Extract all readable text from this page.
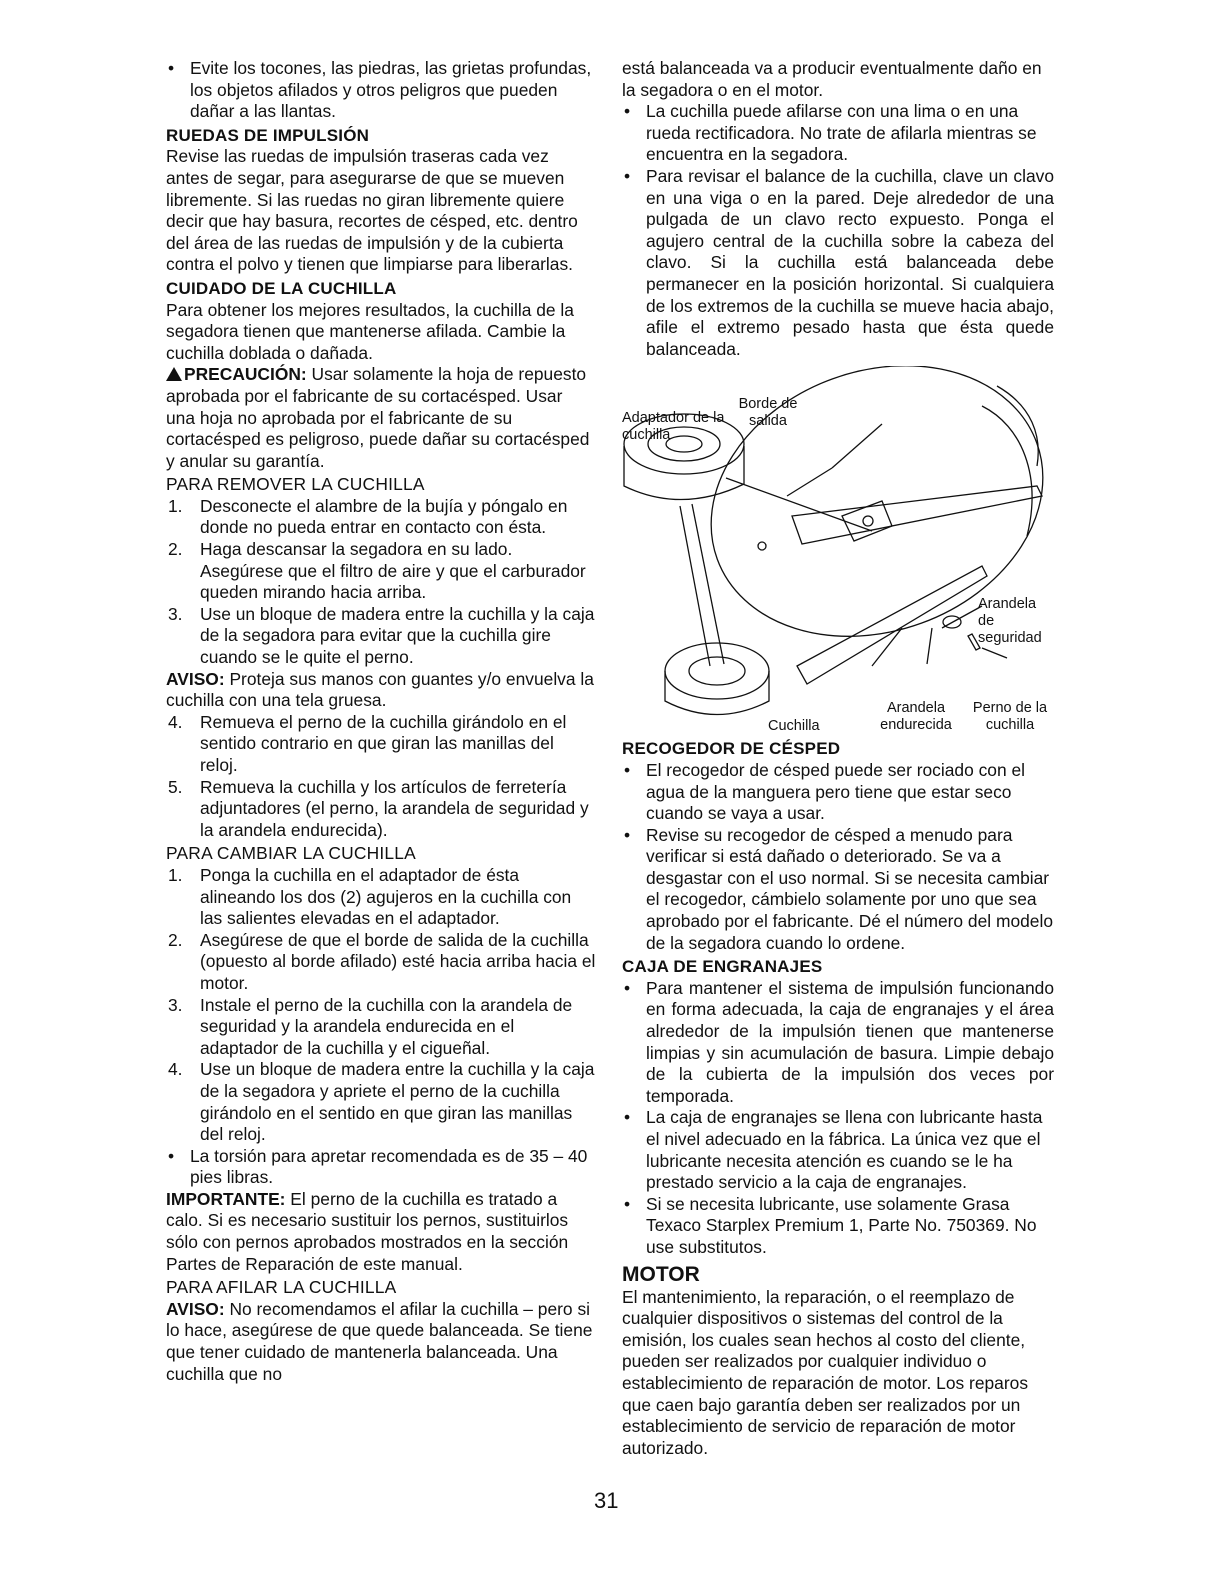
• Evite los tocones, las piedras, las grietas profundas, los objetos afilados y otros peligros que pueden dañar a las llantas.

RUEDAS DE IMPULSIÓN

Revise las ruedas de impulsión traseras cada vez antes de segar, para asegurarse de que se mueven libremente. Si las ruedas no giran libremente quiere decir que hay basura, recortes de césped, etc. dentro del área de las ruedas de impulsión y de la cubierta contra el polvo y tienen que limpiarse para liberarlas.

CUIDADO DE LA CUCHILLA

Para obtener los mejores resultados, la cuchilla de la segadora tienen que mantenerse afilada. Cambie la cuchilla doblada o dañada.

PRECAUCIÓN: Usar solamente la hoja de repuesto aprobada por el fabricante de su cortacésped. Usar una hoja no aprobada por el fabricante de su cortacésped es peligroso, puede dañar su cortacésped y anular su garantía.

PARA REMOVER LA CUCHILLA

1. Desconecte el alambre de la bujía y póngalo en donde no pueda entrar en contacto con ésta.

2. Haga descansar la segadora en su lado. Asegúrese que el filtro de aire y que el carburador queden mirando hacia arriba.

3. Use un bloque de madera entre la cuchilla y la caja de la segadora para evitar que la cuchilla gire cuando se le quite el perno.

AVISO: Proteja sus manos con guantes y/o envuelva la cuchilla con una tela gruesa.

4. Remueva el perno de la cuchilla girándolo en el sentido contrario en que giran las manillas del reloj.

5. Remueva la cuchilla y los artículos de ferretería adjuntadores (el perno, la arandela de seguridad y la arandela endurecida).

PARA CAMBIAR LA CUCHILLA

1. Ponga la cuchilla en el adaptador de ésta alineando los dos (2) agujeros en la cuchilla con las salientes elevadas en el adaptador.

2. Asegúrese de que el borde de salida de la cuchilla (opuesto al borde afilado) esté hacia arriba hacia el motor.

3. Instale el perno de la cuchilla con la arandela de seguridad y la arandela endurecida en el adaptador de la cuchilla y el cigueñal.

4. Use un bloque de madera entre la cuchilla y la caja de la segadora y apriete el perno de la cuchilla girándolo en el sentido en que giran las manillas del reloj.

• La torsión para apretar recomendada es de 35 – 40 pies libras.

IMPORTANTE: El perno de la cuchilla es tratado a calo. Si es necesario sustituir los pernos, sustituirlos sólo con pernos aprobados mostrados en la sección Partes de Reparación de este manual.

PARA AFILAR LA CUCHILLA

AVISO: No recomendamos el afilar la cuchilla – pero si lo hace, asegúrese de que quede balanceada. Se tiene que tener cuidado de mantenerla balanceada. Una cuchilla que no

está balanceada va a producir eventualmente daño en la segadora o en el motor.

• La cuchilla puede afilarse con una lima o en una rueda rectificadora. No trate de afilarla mientras se encuentra en la segadora.

• Para revisar el balance de la cuchilla, clave un clavo en una viga o en la pared. Deje alrededor de una pulgada de un clavo recto expuesto. Ponga el agujero central de la cuchilla sobre la cabeza del clavo. Si la cuchilla está balanceada debe permanecer en la posición horizontal. Si cualquiera de los extremos de la cuchilla se mueve hacia abajo, afile el extremo pesado hasta que ésta quede balanceada.

Adaptador de la cuchilla
Borde de salida
Arandela de seguridad
Arandela endurecida
Perno de la cuchilla
Cuchilla

RECOGEDOR DE CÉSPED

• El recogedor de césped puede ser rociado con el agua de la manguera pero tiene que estar seco cuando se vaya a usar.

• Revise su recogedor de césped a menudo para verificar si está dañado o deteriorado. Se va a desgastar con el uso normal. Si se necesita cambiar el recogedor, cámbielo solamente por uno que sea aprobado por el fabricante. Dé el número del modelo de la segadora cuando lo ordene.

CAJA DE ENGRANAJES

• Para mantener el sistema de impulsión funcionando en forma adecuada, la caja de engranajes y el área alrededor de la impulsión tienen que mantenerse limpias y sin acumulación de basura. Limpie debajo de la cubierta de la impulsión dos veces por temporada.

• La caja de engranajes se llena con lubricante hasta el nivel adecuado en la fábrica. La única vez que el lubricante necesita atención es cuando se le ha prestado servicio a la caja de engranajes.

• Si se necesita lubricante, use solamente Grasa Texaco Starplex Premium 1, Parte No. 750369. No use substitutos.

MOTOR

El mantenimiento, la reparación, o el reemplazo de cualquier dispositivos o sistemas del control de la emisión, los cuales sean hechos al costo del cliente, pueden ser realizados por cualquier individuo o establecimiento de reparación de motor. Los reparos que caen bajo garantía deben ser realizados por un establecimiento de servicio de reparación de motor autorizado.

31
